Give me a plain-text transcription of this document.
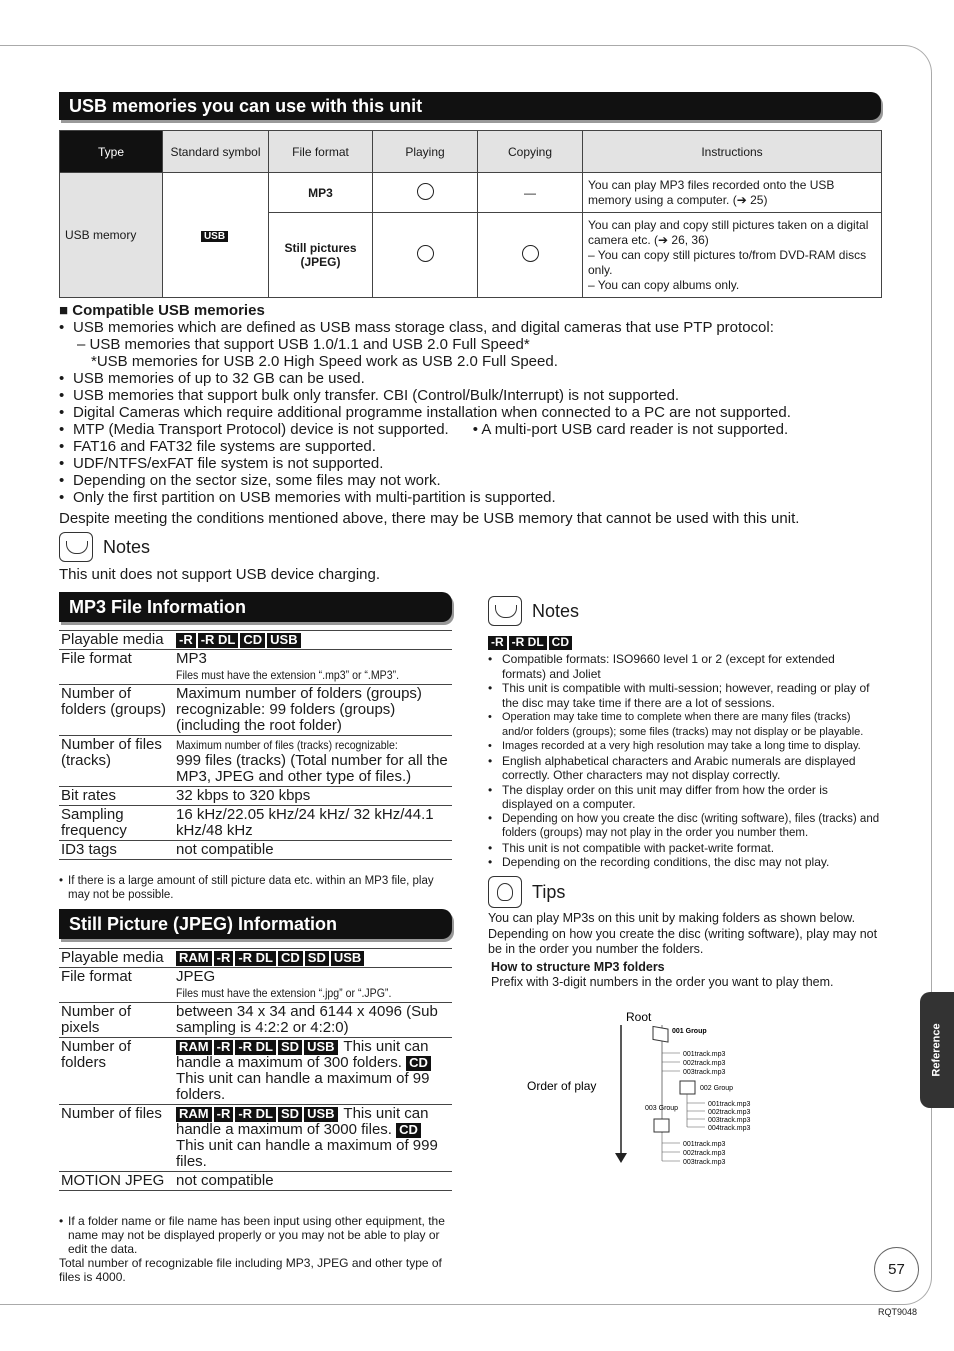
USB memories you can use with this unit
Type	Standard symbol	File format	Playing	Copying	Instructions
USB memory	USB	MP3		—	You can play MP3 files recorded onto the USB memory using a computer. (➔ 25)
		Still pictures (JPEG)			You can play and copy still pictures taken on a digital camera etc. (➔ 26, 36)
– You can copy still pictures to/from DVD-RAM discs only.
– You can copy albums only.
■ Compatible USB memories
• USB memories which are defined as USB mass storage class, and digital cameras that use PTP protocol:
– USB memories that support USB 1.0/1.1 and USB 2.0 Full Speed*
*USB memories for USB 2.0 High Speed work as USB 2.0 Full Speed.
• USB memories of up to 32 GB can be used.
• USB memories that support bulk only transfer. CBI (Control/Bulk/Interrupt) is not supported.
• Digital Cameras which require additional programme installation when connected to a PC are not supported.
• MTP (Media Transport Protocol) device is not supported. • A multi-port USB card reader is not supported.
• FAT16 and FAT32 file systems are supported.
• UDF/NTFS/exFAT file system is not supported.
• Depending on the sector size, some files may not work.
• Only the first partition on USB memories with multi-partition is supported.
Despite meeting the conditions mentioned above, there may be USB memory that cannot be used with this unit.
Notes
This unit does not support USB device charging.
MP3 File Information
Playable media	-R -R DL CD USB
File format	MP3
Files must have the extension “.mp3” or “.MP3”.
Number of folders (groups)	Maximum number of folders (groups) recognizable: 99 folders (groups) (including the root folder)
Number of files (tracks)	Maximum number of files (tracks) recognizable:
999 files (tracks) (Total number for all the MP3, JPEG and other type of files.)

Bit rates	32 kbps to 320 kbps
Sampling frequency	16 kHz/22.05 kHz/24 kHz/ 32 kHz/44.1 kHz/48 kHz
ID3 tags	not compatible
• If there is a large amount of still picture data etc. within an MP3 file, play may not be possible.
Still Picture (JPEG) Information
Playable media	RAM -R -R DL CD SD USB
File format	JPEG
Files must have the extension “.jpg” or “.JPG”.
Number of pixels	between 34 x 34 and 6144 x 4096 (Sub sampling is 4:2:2 or 4:2:0)
Number of folders	RAM -R -R DL SD USB This unit can handle a maximum of 300 folders. CD This unit can handle a maximum of 99 folders.
Number of files	RAM -R -R DL SD USB This unit can handle a maximum of 3000 files. CD This unit can handle a maximum of 999 files.
MOTION JPEG	not compatible
• If a folder name or file name has been input using other equipment, the name may not be displayed properly or you may not be able to play or edit the data.
Total number of recognizable file including MP3, JPEG and other type of files is 4000.
Notes
-R -R DL CD
• Compatible formats: ISO9660 level 1 or 2 (except for extended formats) and Joliet
• This unit is compatible with multi-session; however, reading or play of the disc may take time if there are a lot of sessions.
• Operation may take time to complete when there are many files (tracks) and/or folders (groups); some files (tracks) may not display or be playable.
• Images recorded at a very high resolution may take a long time to display.
• English alphabetical characters and Arabic numerals are displayed correctly. Other characters may not display correctly.
• The display order on this unit may differ from how the order is displayed on a computer.
• Depending on how you create the disc (writing software), files (tracks) and folders (groups) may not play in the order you number them.
• This unit is not compatible with packet-write format.
• Depending on the recording conditions, the disc may not play.
Tips
You can play MP3s on this unit by making folders as shown below. Depending on how you create the disc (writing software), play may not be in the order you number the folders.
How to structure MP3 folders
Prefix with 3-digit numbers in the order you want to play them.
Root
Order of play
001 Group
001track.mp3
002track.mp3
003track.mp3
002 Group
001track.mp3
002track.mp3
003track.mp3
004track.mp3
003 Group
001track.mp3
002track.mp3
003track.mp3
Reference
57
RQT9048
